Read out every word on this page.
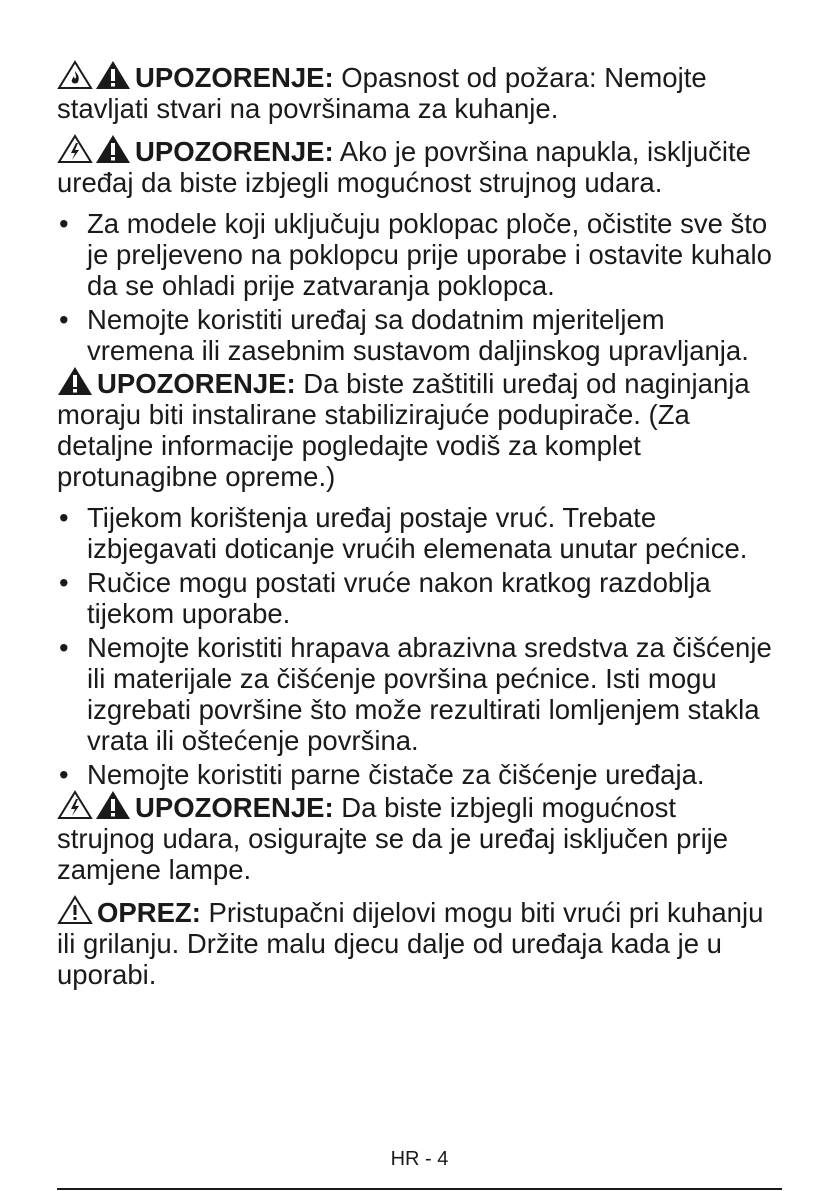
UPOZORENJE: Opasnost od požara: Nemojte stavljati stvari na površinama za kuhanje.

UPOZORENJE: Ako je površina napukla, isključite uređaj da biste izbjegli mogućnost strujnog udara.

• Za modele koji uključuju poklopac ploče, očistite sve što je preljeveno na poklopcu prije uporabe i ostavite kuhalo da se ohladi prije zatvaranja poklopca.
• Nemojte koristiti uređaj sa dodatnim mjeriteljem vremena ili zasebnim sustavom daljinskog upravljanja.

UPOZORENJE: Da biste zaštitili uređaj od naginjanja moraju biti instalirane stabilizirajuće podupirače. (Za detaljne informacije pogledajte vodiš za komplet protunagibne opreme.)

• Tijekom korištenja uređaj postaje vruć. Trebate izbjegavati doticanje vrućih elemenata unutar pećnice.
• Ručice mogu postati vruće nakon kratkog razdoblja tijekom uporabe.
• Nemojte koristiti hrapava abrazivna sredstva za čišćenje ili materijale za čišćenje površina pećnice. Isti mogu izgrebati površine što može rezultirati lomljenjem stakla vrata ili oštećenje površina.
• Nemojte koristiti parne čistače za čišćenje uređaja.

UPOZORENJE: Da biste izbjegli mogućnost strujnog udara, osigurajte se da je uređaj isključen prije zamjene lampe.

OPREZ: Pristupačni dijelovi mogu biti vrući pri kuhanju ili grilanju. Držite malu djecu dalje od uređaja kada je u uporabi.

HR - 4
